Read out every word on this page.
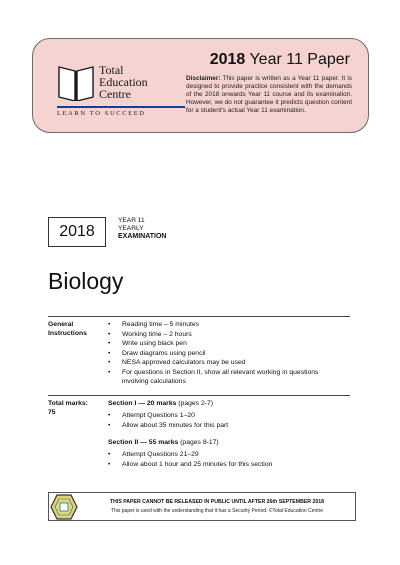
Total
Education
Centre
LEARN TO SUCCEED
2018 Year 11 Paper
Disclaimer: This paper is written as a Year 11 paper. It is designed to provide practice consistent with the demands of the 2018 onwards Year 11 course and its examination. However, we do not guarantee it predicts question content for a student's actual Year 11 examination.
2018
YEAR 11
YEARLY
EXAMINATION
Biology
General Instructions
• Reading time – 5 minutes
• Working time – 2 hours
• Write using black pen
• Draw diagrams using pencil
• NESA approved calculators may be used
• For questions in Section II, show all relevant working in questions involving calculations
Total marks:
75
Section I — 20 marks (pages 2-7)
• Attempt Questions 1–20
• Allow about 35 minutes for this part
Section II — 55 marks (pages 8-17)
• Attempt Questions 21–29
• Allow about 1 hour and 25 minutes for this section
THIS PAPER CANNOT BE RELEASED IN PUBLIC UNTIL AFTER 26th SEPTEMBER 2018
This paper is used with the understanding that it has a Security Period. ©Total Education Centre
